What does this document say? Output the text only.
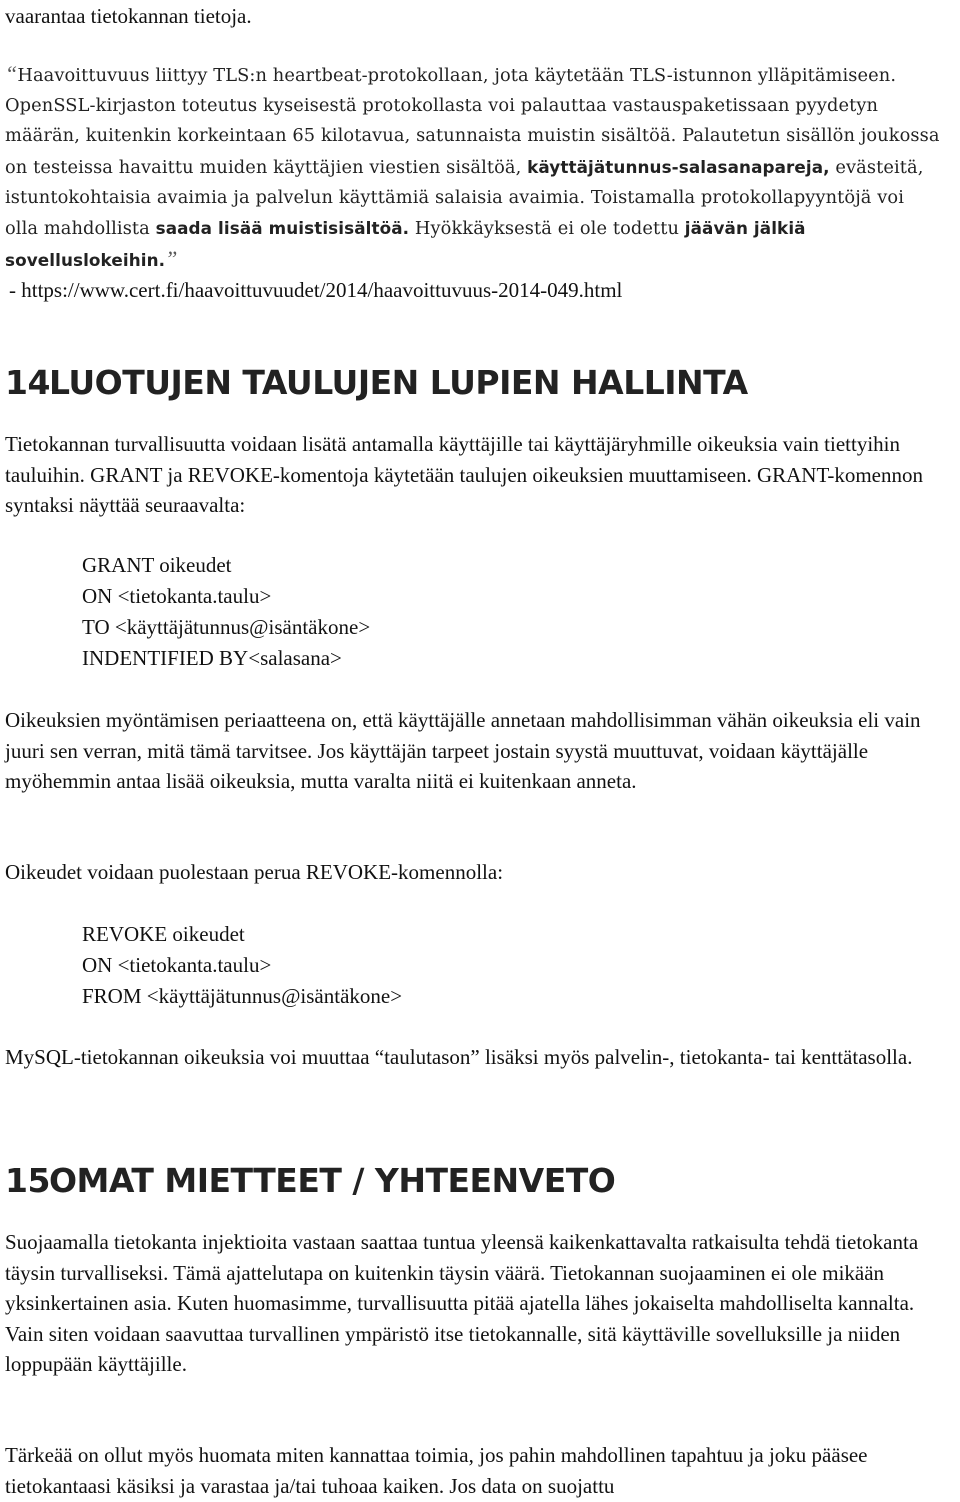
vaarantaa tietokannan tietoja.

“Haavoittuvuus liittyy TLS:n heartbeat-protokollaan, jota käytetään TLS-istunnon ylläpitämiseen. OpenSSL-kirjaston toteutus kyseisestä protokollasta voi palauttaa vastauspaketissaan pyydetyn määrän, kuitenkin korkeintaan 65 kilotavua, satunnaista muistin sisältöä. Palautetun sisällön joukossa on testeissa havaittu muiden käyttäjien viestien sisältöä, käyttäjätunnus-salasanapareja, evästeitä, istuntokohtaisia avaimia ja palvelun käyttämiä salaisia avaimia. Toistamalla protokollapyyntöjä voi olla mahdollista saada lisää muistisisältöä. Hyökkäyksestä ei ole todettu jäävän jälkiä sovelluslokeihin.”

- https://www.cert.fi/haavoittuvuudet/2014/haavoittuvuus-2014-049.html

14LUOTUJEN TAULUJEN LUPIEN HALLINTA

Tietokannan turvallisuutta voidaan lisätä antamalla käyttäjille tai käyttäjäryhmille oikeuksia vain tiettyihin tauluihin. GRANT ja REVOKE-komentoja käytetään taulujen oikeuksien muuttamiseen. GRANT-komennon syntaksi näyttää seuraavalta:

GRANT oikeudet
ON <tietokanta.taulu>
TO <käyttäjätunnus@isäntäkone>
INDENTIFIED BY<salasana>

Oikeuksien myöntämisen periaatteena on, että käyttäjälle annetaan mahdollisimman vähän oikeuksia eli vain juuri sen verran, mitä tämä tarvitsee. Jos käyttäjän tarpeet jostain syystä muuttuvat, voidaan käyttäjälle myöhemmin antaa lisää oikeuksia, mutta varalta niitä ei kuitenkaan anneta.

Oikeudet voidaan puolestaan perua REVOKE-komennolla:

REVOKE oikeudet
ON <tietokanta.taulu>
FROM <käyttäjätunnus@isäntäkone>

MySQL-tietokannan oikeuksia voi muuttaa “taulutason” lisäksi myös palvelin-, tietokanta- tai kenttätasolla.

15OMAT MIETTEET / YHTEENVETO

Suojaamalla tietokanta injektioita vastaan saattaa tuntua yleensä kaikenkattavalta ratkaisulta tehdä tietokanta täysin turvalliseksi. Tämä ajattelutapa on kuitenkin täysin väärä. Tietokannan suojaaminen ei ole mikään yksinkertainen asia. Kuten huomasimme, turvallisuutta pitää ajatella lähes jokaiselta mahdolliselta kannalta. Vain siten voidaan saavuttaa turvallinen ympäristö itse tietokannalle, sitä käyttäville sovelluksille ja niiden loppupään käyttäjille.

Tärkeää on ollut myös huomata miten kannattaa toimia, jos pahin mahdollinen tapahtuu ja joku pääsee tietokantaasi käsiksi ja varastaa ja/tai tuhoaa kaiken. Jos data on suojattu
